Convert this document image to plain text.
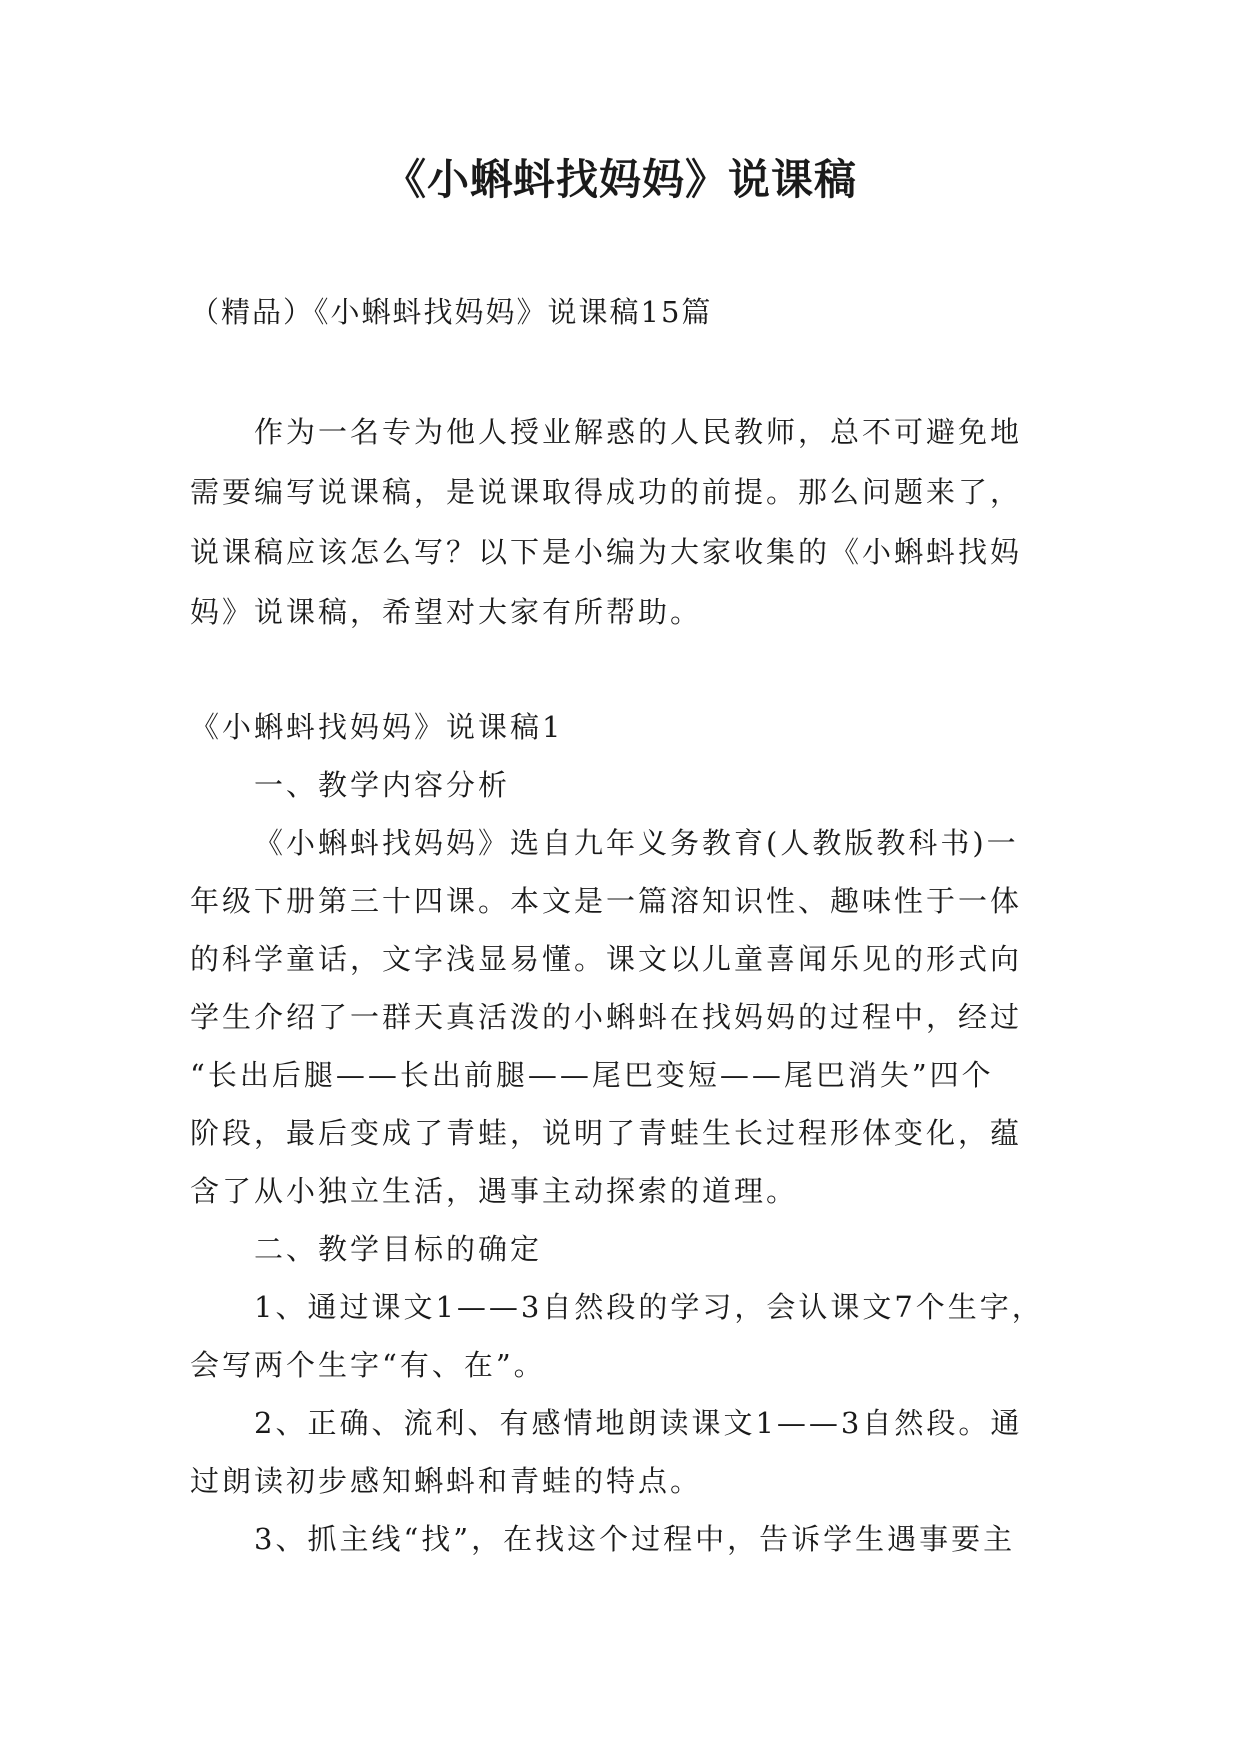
《小蝌蚪找妈妈》说课稿
（精品）《小蝌蚪找妈妈》说课稿15篇
作为一名专为他人授业解惑的人民教师，总不可避免地
需要编写说课稿，是说课取得成功的前提。那么问题来了，
说课稿应该怎么写？以下是小编为大家收集的《小蝌蚪找妈
妈》说课稿，希望对大家有所帮助。
《小蝌蚪找妈妈》说课稿1
一、教学内容分析
《小蝌蚪找妈妈》选自九年义务教育(人教版教科书)一
年级下册第三十四课。本文是一篇溶知识性、趣味性于一体
的科学童话，文字浅显易懂。课文以儿童喜闻乐见的形式向
学生介绍了一群天真活泼的小蝌蚪在找妈妈的过程中，经过
“长出后腿——长出前腿——尾巴变短——尾巴消失”四个
阶段，最后变成了青蛙，说明了青蛙生长过程形体变化，蕴
含了从小独立生活，遇事主动探索的道理。
二、教学目标的确定
1、通过课文1——3自然段的学习，会认课文7个生字，
会写两个生字“有、在”。
2、正确、流利、有感情地朗读课文1——3自然段。通
过朗读初步感知蝌蚪和青蛙的特点。
3、抓主线“找”，在找这个过程中，告诉学生遇事要主
